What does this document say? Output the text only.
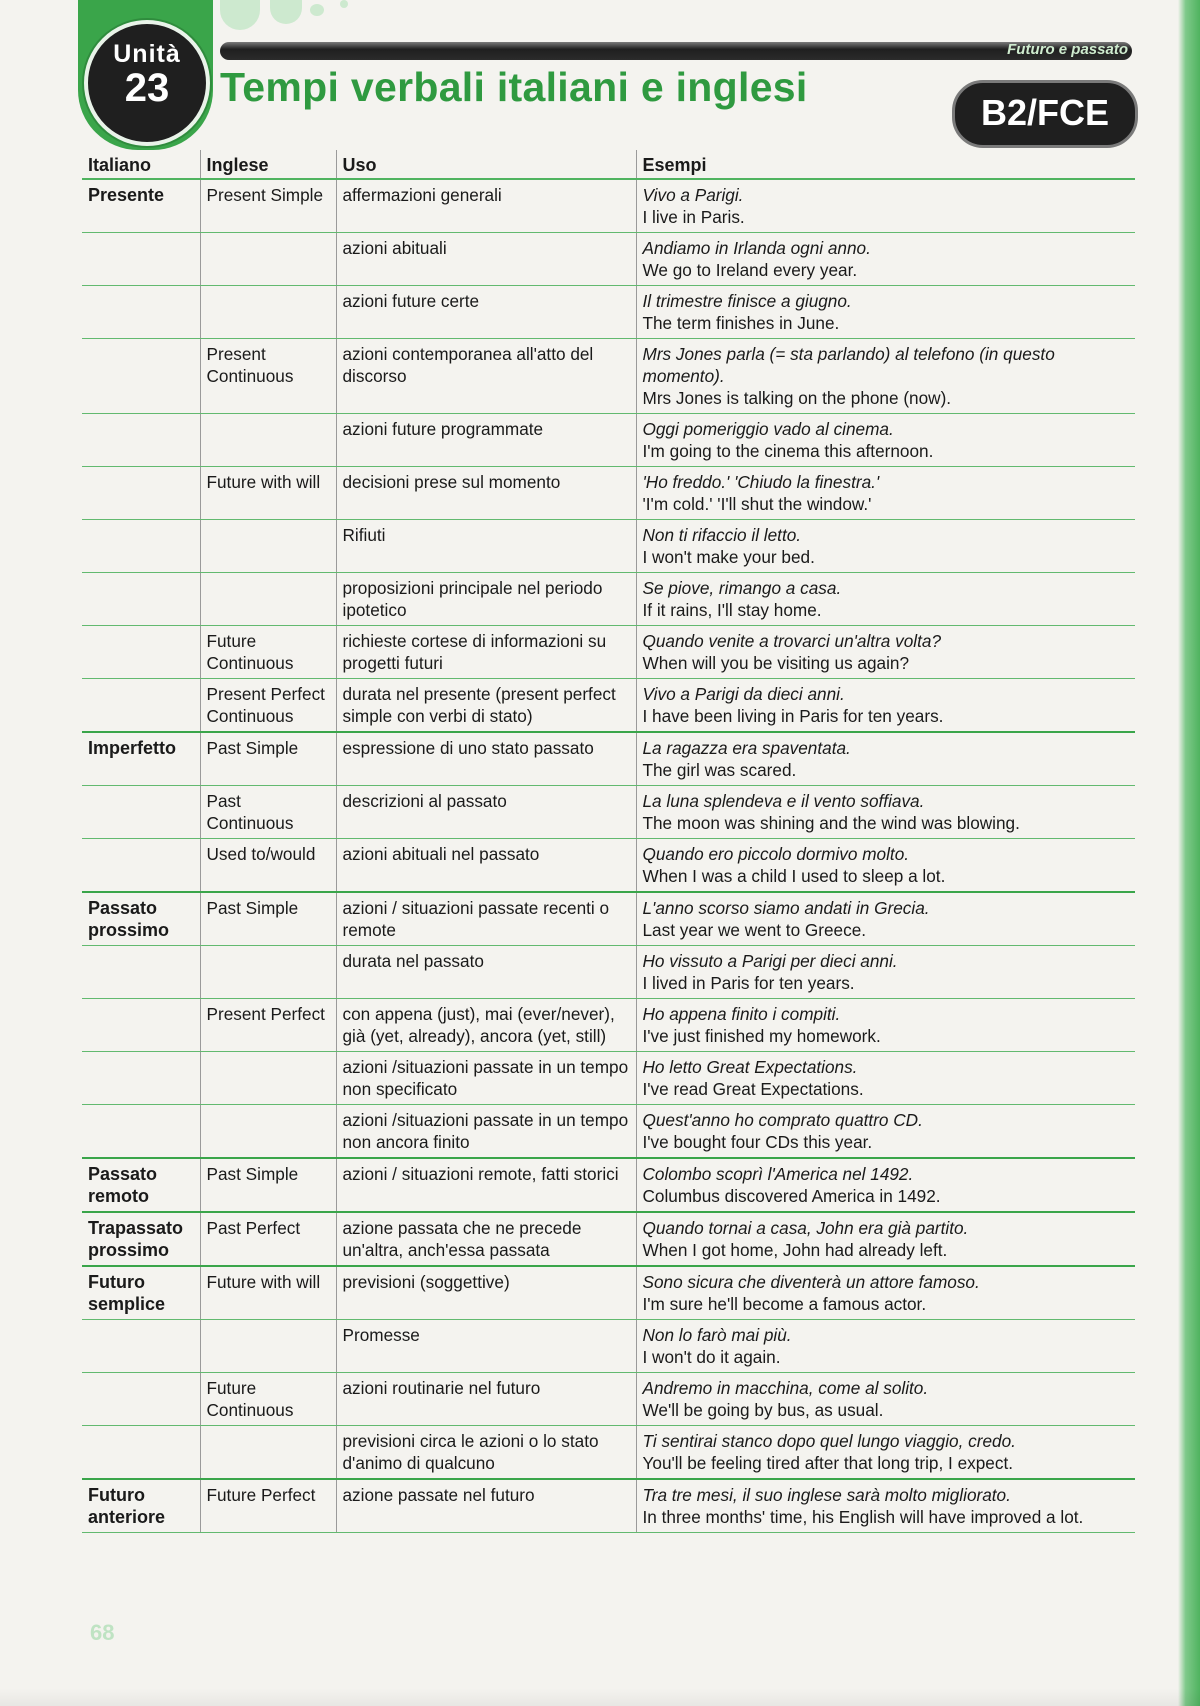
Unità
23
Futuro e passato
Tempi verbali italiani e inglesi
B2/FCE
Italiano	Inglese	Uso	Esempi
Presente	Present Simple	affermazioni generali	Vivo a Parigi.
I live in Paris.

		azioni abituali	Andiamo in Irlanda ogni anno.
We go to Ireland every year.

		azioni future certe	Il trimestre finisce a giugno.
The term finishes in June.

	Present Continuous	azioni contemporanea all'atto del discorso	Mrs Jones parla (= sta parlando) al telefono (in questo momento).
Mrs Jones is talking on the phone (now).

		azioni future programmate	Oggi pomeriggio vado al cinema.
I'm going to the cinema this afternoon.

	Future with will	decisioni prese sul momento	'Ho freddo.' 'Chiudo la finestra.'
'I'm cold.' 'I'll shut the window.'

		Rifiuti	Non ti rifaccio il letto.
I won't make your bed.

		proposizioni principale nel periodo ipotetico	Se piove, rimango a casa.
If it rains, I'll stay home.

	Future Continuous	richieste cortese di informazioni su progetti futuri	Quando venite a trovarci un'altra volta?
When will you be visiting us again?

	Present Perfect Continuous	durata nel presente (present perfect simple con verbi di stato)	Vivo a Parigi da dieci anni.
I have been living in Paris for ten years.

Imperfetto	Past Simple	espressione di uno stato passato	La ragazza era spaventata.
The girl was scared.

	Past Continuous	descrizioni al passato	La luna splendeva e il vento soffiava.
The moon was shining and the wind was blowing.

	Used to/would	azioni abituali nel passato	Quando ero piccolo dormivo molto.
When I was a child I used to sleep a lot.

Passato prossimo	Past Simple	azioni / situazioni passate recenti o remote	L'anno scorso siamo andati in Grecia.
Last year we went to Greece.

		durata nel passato	Ho vissuto a Parigi per dieci anni.
I lived in Paris for ten years.

	Present Perfect	con appena (just), mai (ever/never), già (yet, already), ancora (yet, still)	Ho appena finito i compiti.
I've just finished my homework.

		azioni /situazioni passate in un tempo non specificato	Ho letto Great Expectations.
I've read Great Expectations.

		azioni /situazioni passate in un tempo non ancora finito	Quest'anno ho comprato quattro CD.
I've bought four CDs this year.

Passato remoto	Past Simple	azioni / situazioni remote, fatti storici	Colombo scoprì l'America nel 1492.
Columbus discovered America in 1492.

Trapassato prossimo	Past Perfect	azione passata che ne precede un'altra, anch'essa passata	Quando tornai a casa, John era già partito.
When I got home, John had already left.

Futuro semplice	Future with will	previsioni (soggettive)	Sono sicura che diventerà un attore famoso.
I'm sure he'll become a famous actor.

		Promesse	Non lo farò mai più.
I won't do it again.

	Future Continuous	azioni routinarie nel futuro	Andremo in macchina, come al solito.
We'll be going by bus, as usual.

		previsioni circa le azioni o lo stato d'animo di qualcuno	Ti sentirai stanco dopo quel lungo viaggio, credo.
You'll be feeling tired after that long trip, I expect.

Futuro anteriore	Future Perfect	azione passate nel futuro	Tra tre mesi, il suo inglese sarà molto migliorato.
In three months' time, his English will have improved a lot.
68
